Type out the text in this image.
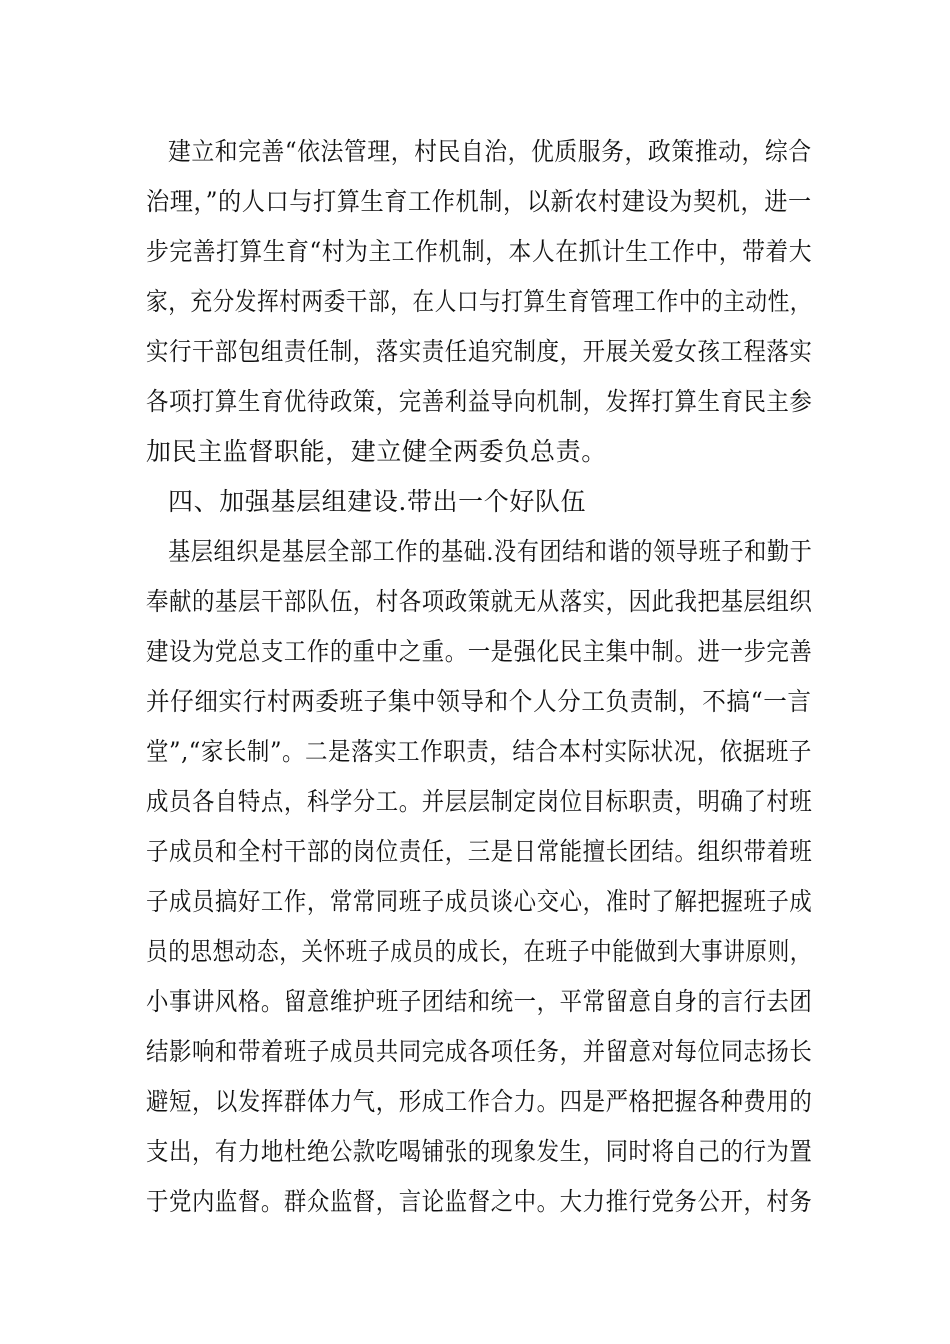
建立和完善“依法管理，村民自治，优质服务，政策推动，综合
治理，”的人口与打算生育工作机制，以新农村建设为契机，进一
步完善打算生育“村为主工作机制，本人在抓计生工作中，带着大
家，充分发挥村两委干部，在人口与打算生育管理工作中的主动性，
实行干部包组责任制，落实责任追究制度，开展关爱女孩工程落实
各项打算生育优待政策，完善利益导向机制，发挥打算生育民主参
加民主监督职能，建立健全两委负总责。
四、加强基层组建设.带出一个好队伍
基层组织是基层全部工作的基础.没有团结和谐的领导班子和勤于
奉献的基层干部队伍，村各项政策就无从落实，因此我把基层组织
建设为党总支工作的重中之重。一是强化民主集中制。进一步完善
并仔细实行村两委班子集中领导和个人分工负责制，不搞“一言
堂”,“家长制”。二是落实工作职责，结合本村实际状况，依据班子
成员各自特点，科学分工。并层层制定岗位目标职责，明确了村班
子成员和全村干部的岗位责任，三是日常能擅长团结。组织带着班
子成员搞好工作，常常同班子成员谈心交心，准时了解把握班子成
员的思想动态，关怀班子成员的成长，在班子中能做到大事讲原则，
小事讲风格。留意维护班子团结和统一，平常留意自身的言行去团
结影响和带着班子成员共同完成各项任务，并留意对每位同志扬长
避短，以发挥群体力气，形成工作合力。四是严格把握各种费用的
支出，有力地杜绝公款吃喝铺张的现象发生，同时将自己的行为置
于党内监督。群众监督，言论监督之中。大力推行党务公开，村务
